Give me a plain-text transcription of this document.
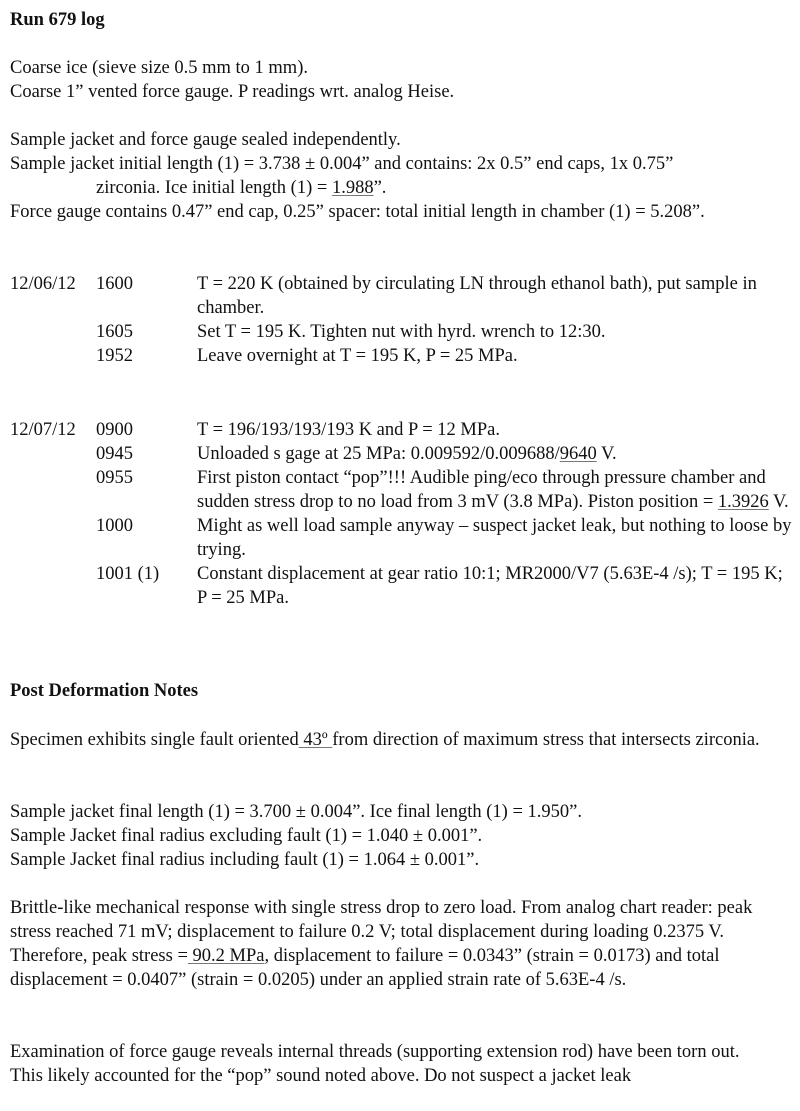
Run 679 log
Coarse ice (sieve size 0.5 mm to 1 mm).
Coarse 1” vented force gauge. P readings wrt. analog Heise.
Sample jacket and force gauge sealed independently.
Sample jacket initial length (1) = 3.738 ± 0.004” and contains: 2x 0.5” end caps, 1x 0.75”
zirconia. Ice initial length (1) = 1.988”.
Force gauge contains 0.47” end cap, 0.25” spacer: total initial length in chamber (1) = 5.208”.
12/06/12	1600	T = 220 K (obtained by circulating LN through ethanol bath), put sample in chamber.
1605	Set T = 195 K. Tighten nut with hyrd. wrench to 12:30.
1952	Leave overnight at T = 195 K, P = 25 MPa.
12/07/12	0900	T = 196/193/193/193 K and P = 12 MPa.
0945	Unloaded s gage at 25 MPa: 0.009592/0.009688/9640 V.
0955	First piston contact “pop”!!! Audible ping/eco through pressure chamber and sudden stress drop to no load from 3 mV (3.8 MPa). Piston position = 1.3926 V.
1000	Might as well load sample anyway – suspect jacket leak, but nothing to loose by trying.
1001 (1)	Constant displacement at gear ratio 10:1; MR2000/V7 (5.63E-4 /s); T = 195 K; P = 25 MPa.
Post Deformation Notes

Specimen exhibits single fault oriented 43º from direction of maximum stress that intersects zirconia.

Sample jacket final length (1) = 3.700 ± 0.004”. Ice final length (1) = 1.950”.
Sample Jacket final radius excluding fault (1) = 1.040 ± 0.001”.
Sample Jacket final radius including fault (1) = 1.064 ± 0.001”.

Brittle-like mechanical response with single stress drop to zero load. From analog chart reader: peak stress reached 71 mV; displacement to failure 0.2 V; total displacement during loading 0.2375 V. Therefore, peak stress = 90.2 MPa, displacement to failure = 0.0343” (strain = 0.0173) and total displacement = 0.0407” (strain = 0.0205) under an applied strain rate of 5.63E-4 /s.

Examination of force gauge reveals internal threads (supporting extension rod) have been torn out. This likely accounted for the “pop” sound noted above. Do not suspect a jacket leak
